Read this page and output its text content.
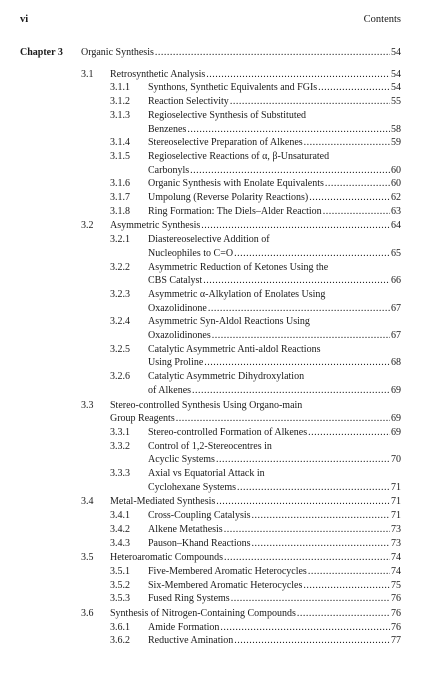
vi	Contents
Chapter 3 Organic Synthesis .....	54
3.1 Retrosynthetic Analysis .....	54
3.1.1 Synthons, Synthetic Equivalents and FGIs .....	54
3.1.2 Reaction Selectivity .....	55
3.1.3 Regioselective Synthesis of Substituted
Benzenes .....	58
3.1.4 Stereoselective Preparation of Alkenes .....	59
3.1.5 Regioselective Reactions of α, β-Unsaturated
Carbonyls .....	60
3.1.6 Organic Synthesis with Enolate Equivalents .....	60
3.1.7 Umpolung (Reverse Polarity Reactions) .....	62
3.1.8 Ring Formation: The Diels–Alder Reaction .....	63
3.2 Asymmetric Synthesis .....	64
3.2.1 Diastereoselective Addition of
Nucleophiles to C=O .....	65
3.2.2 Asymmetric Reduction of Ketones Using the
CBS Catalyst .....	66
3.2.3 Asymmetric α-Alkylation of Enolates Using
Oxazolidinone .....	67
3.2.4 Asymmetric Syn-Aldol Reactions Using
Oxazolidinones .....	67
3.2.5 Catalytic Asymmetric Anti-aldol Reactions
Using Proline .....	68
3.2.6 Catalytic Asymmetric Dihydroxylation
of Alkenes .....	69
3.3 Stereo-controlled Synthesis Using Organo-main
Group Reagents .....	69
3.3.1 Stereo-controlled Formation of Alkenes .....	69
3.3.2 Control of 1,2-Stereocentres in
Acyclic Systems .....	70
3.3.3 Axial vs Equatorial Attack in
Cyclohexane Systems .....	71
3.4 Metal-Mediated Synthesis .....	71
3.4.1 Cross-Coupling Catalysis .....	71
3.4.2 Alkene Metathesis .....	73
3.4.3 Pauson–Khand Reactions .....	73
3.5 Heteroaromatic Compounds .....	74
3.5.1 Five-Membered Aromatic Heterocycles .....	74
3.5.2 Six-Membered Aromatic Heterocycles .....	75
3.5.3 Fused Ring Systems .....	76
3.6 Synthesis of Nitrogen-Containing Compounds .....	76
3.6.1 Amide Formation .....	76
3.6.2 Reductive Amination .....	77
